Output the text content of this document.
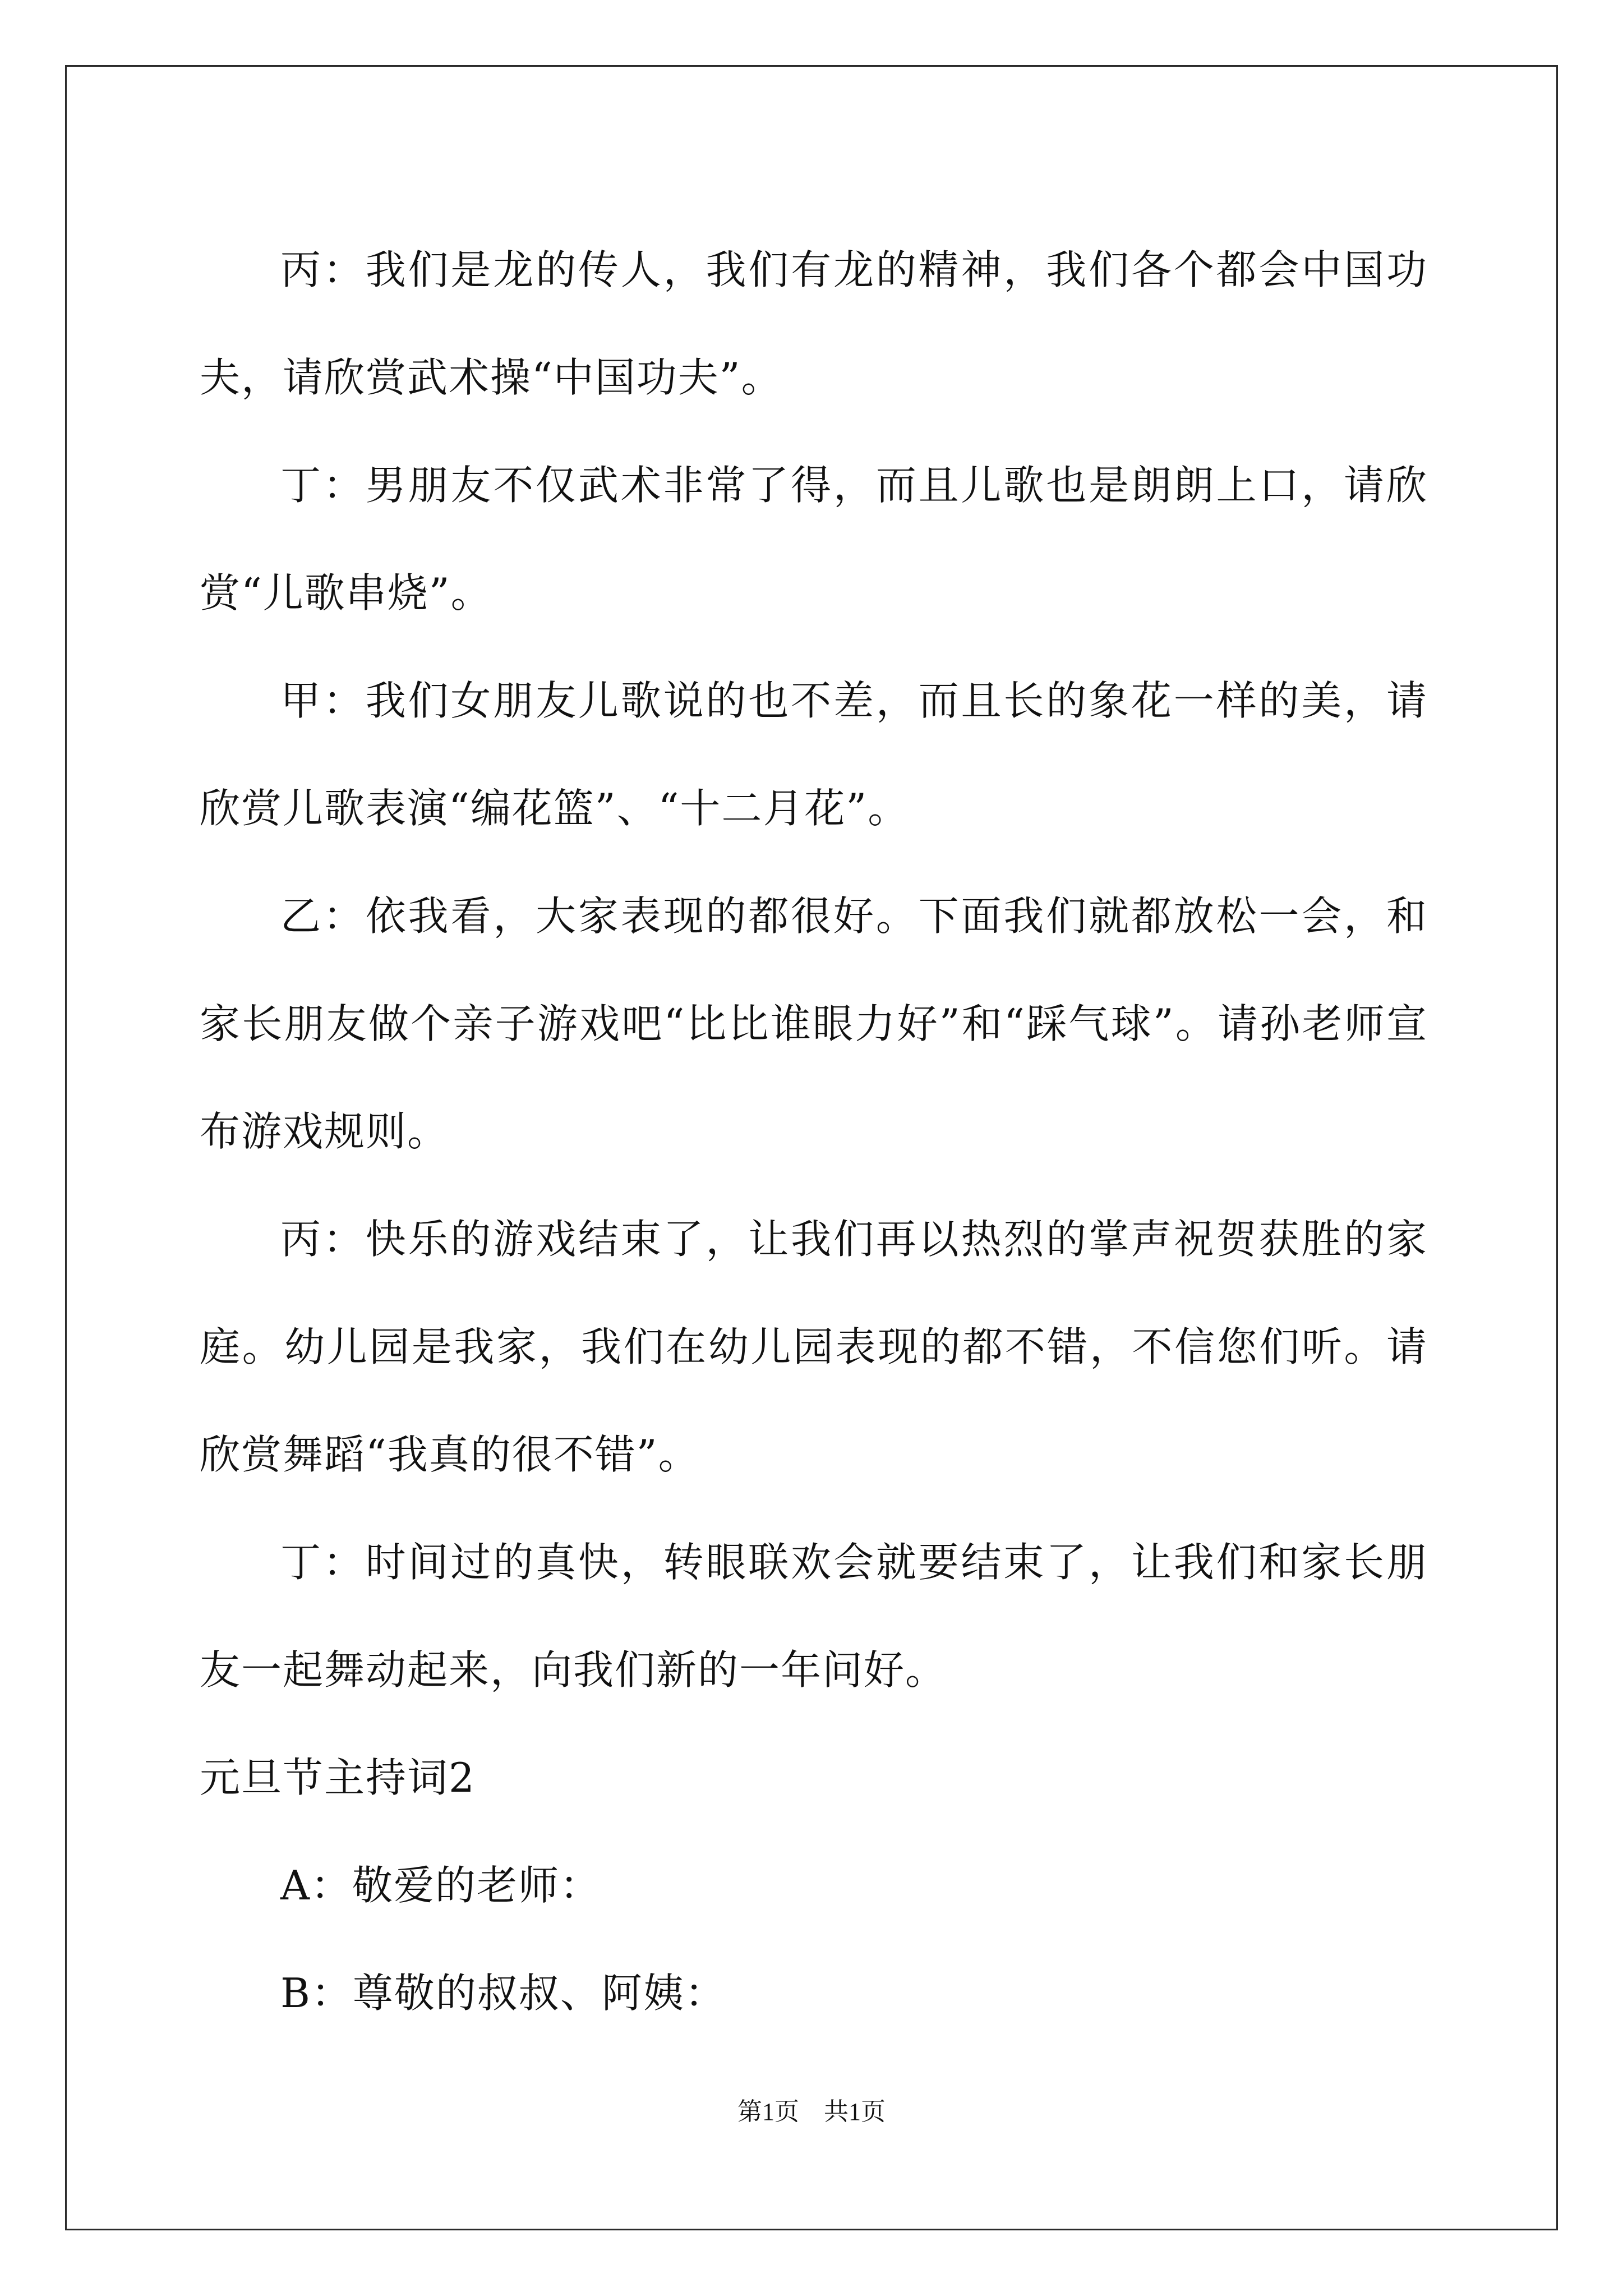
丙：我们是龙的传人，我们有龙的精神，我们各个都会中国功夫，请欣赏武术操“中国功夫”。

丁：男朋友不仅武术非常了得，而且儿歌也是朗朗上口，请欣赏“儿歌串烧”。

甲：我们女朋友儿歌说的也不差，而且长的象花一样的美，请欣赏儿歌表演“编花篮”、“十二月花”。

乙：依我看，大家表现的都很好。下面我们就都放松一会，和家长朋友做个亲子游戏吧“比比谁眼力好”和“踩气球”。请孙老师宣布游戏规则。

丙：快乐的游戏结束了，让我们再以热烈的掌声祝贺获胜的家庭。幼儿园是我家，我们在幼儿园表现的都不错，不信您们听。请欣赏舞蹈“我真的很不错”。

丁：时间过的真快，转眼联欢会就要结束了，让我们和家长朋友一起舞动起来，向我们新的一年问好。

元旦节主持词2

A：敬爱的老师：

B：尊敬的叔叔、阿姨：

第1页　共1页
